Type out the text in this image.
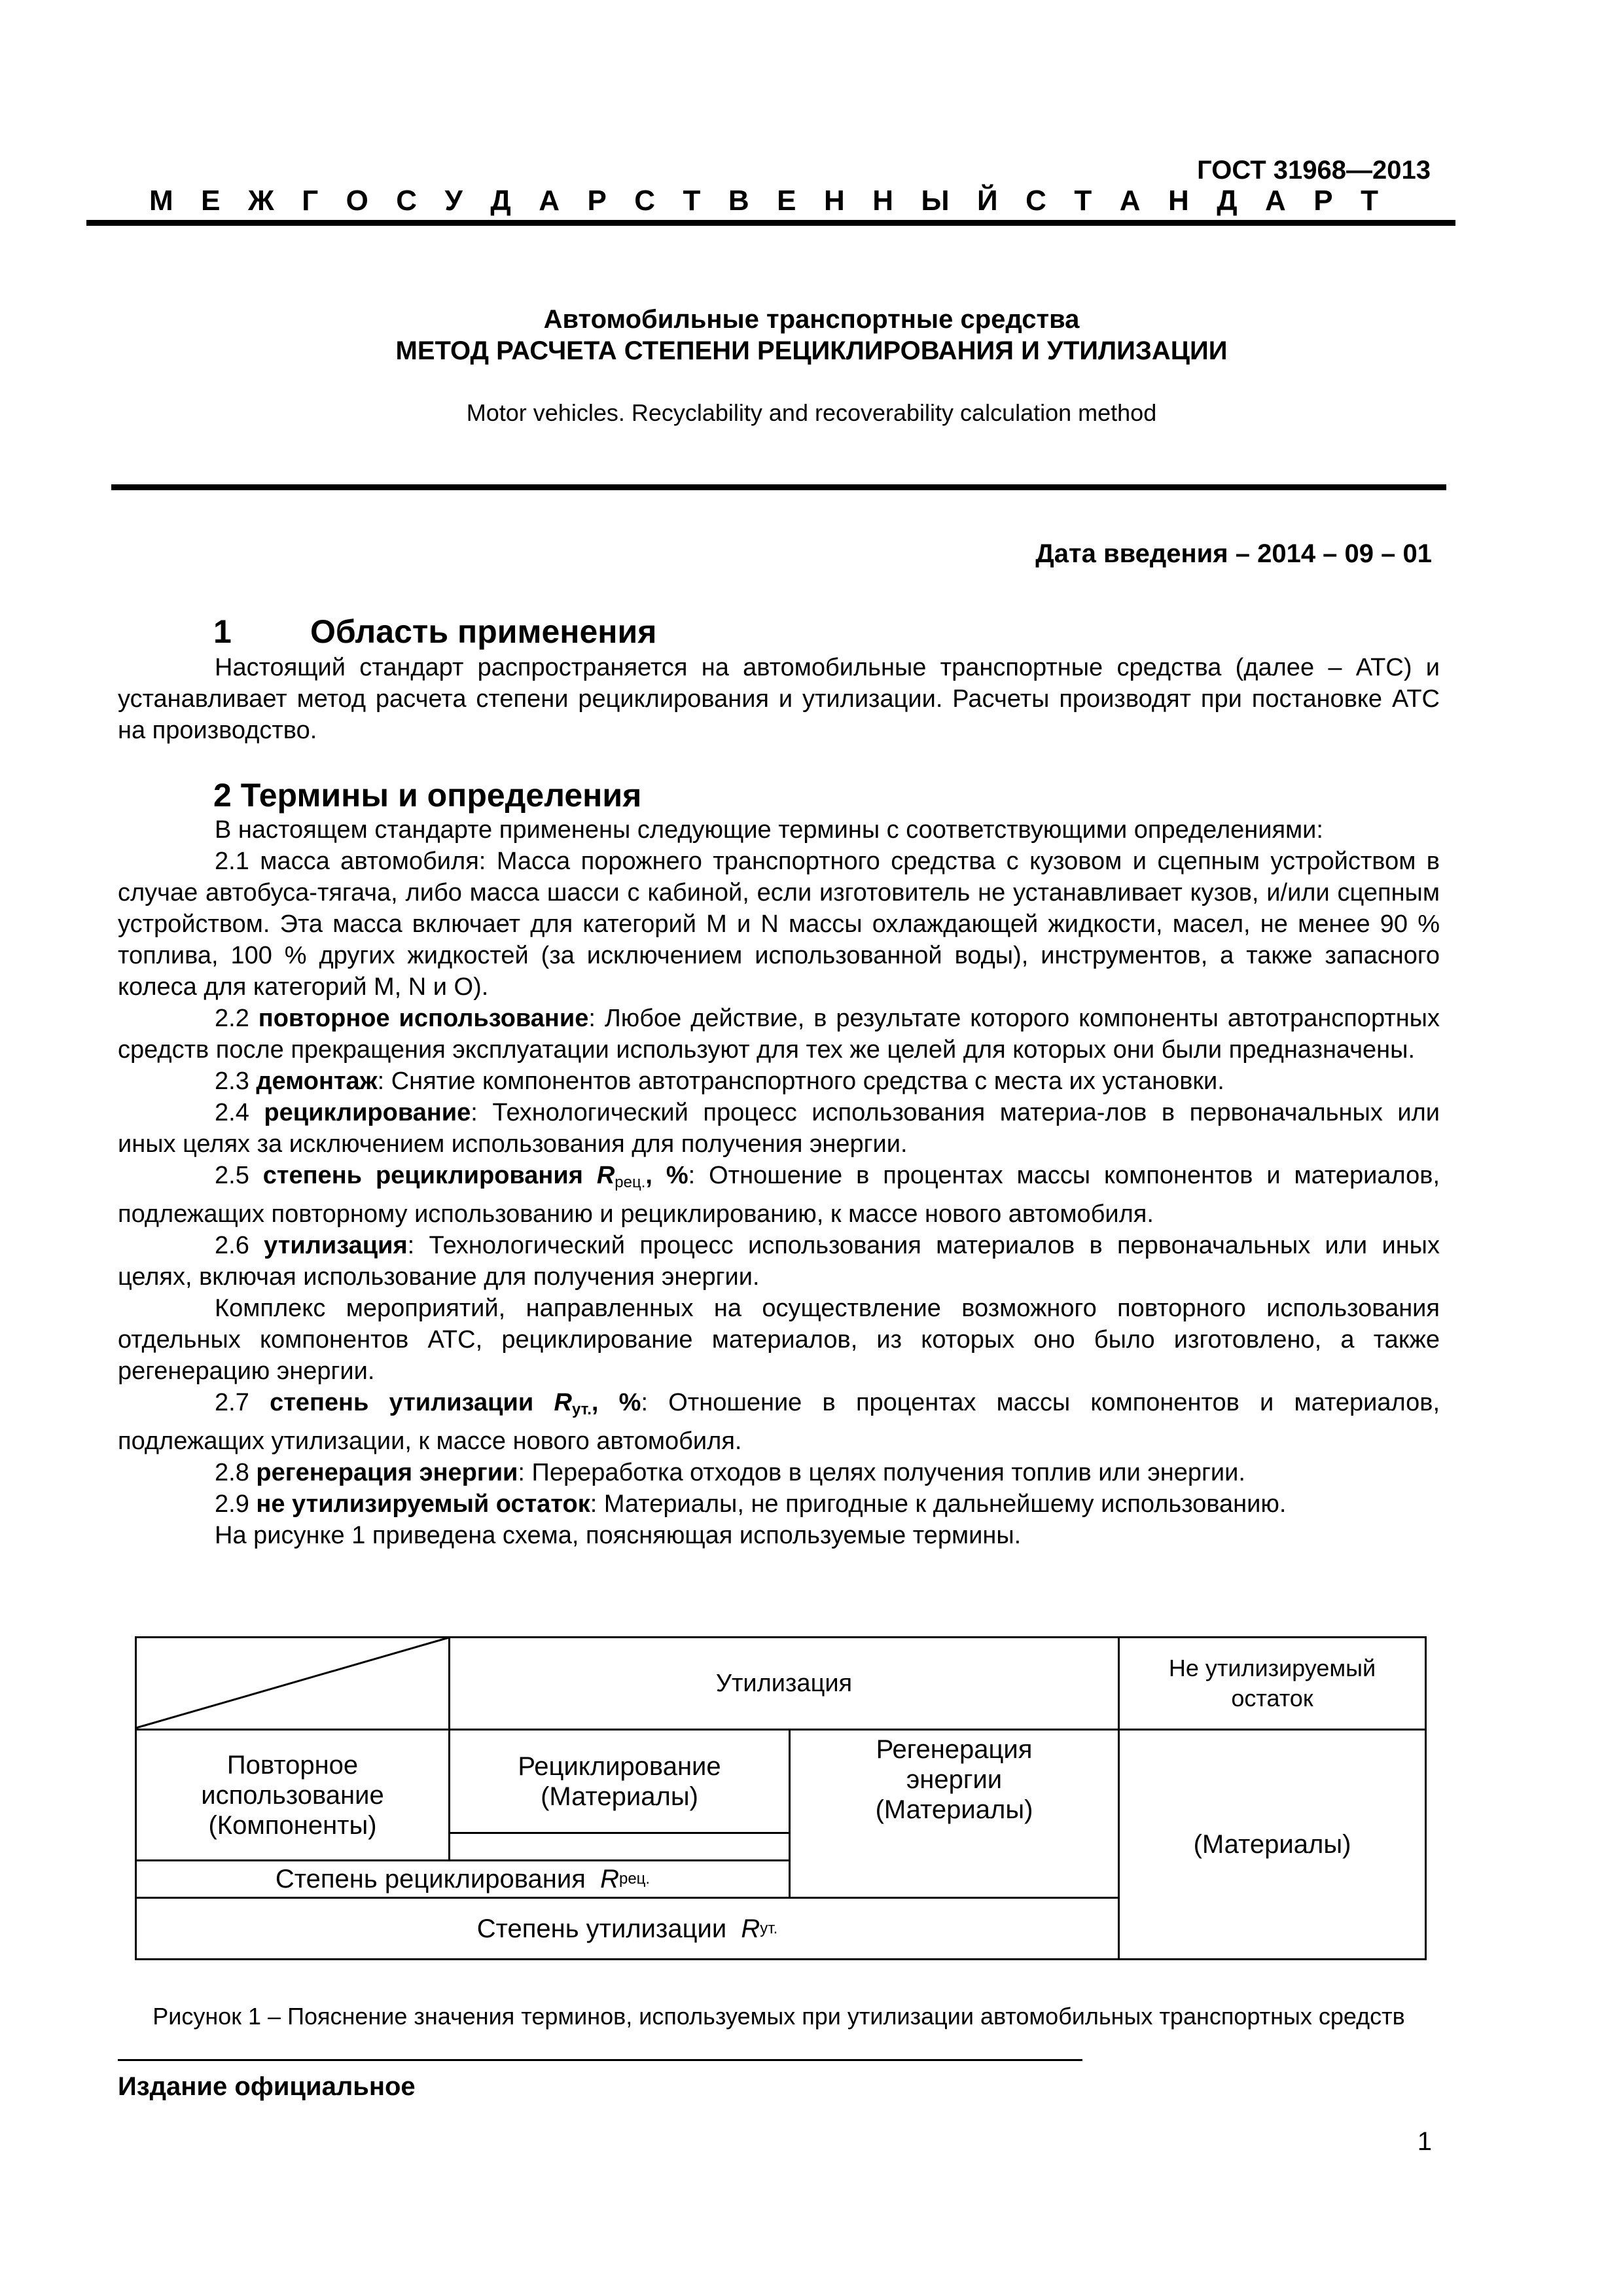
ГОСТ 31968—2013
М Е Ж Г О С У Д А Р С Т В Е Н Н Ы Й С Т А Н Д А Р Т
Автомобильные транспортные средства
МЕТОД РАСЧЕТА СТЕПЕНИ РЕЦИКЛИРОВАНИЯ И УТИЛИЗАЦИИ
Motor vehicles. Recyclability and recoverability calculation method
Дата введения – 2014 – 09 – 01
1 Область применения
Настоящий стандарт распространяется на автомобильные транспортные средства (далее – АТС) и устанавливает метод расчета степени рециклирования и утилизации. Расчеты производят при постановке АТС на производство.
2 Термины и определения
В настоящем стандарте применены следующие термины с соответствующими определениями:
2.1 масса автомобиля: Масса порожнего транспортного средства с кузовом и сцепным устройством в случае автобуса-тягача, либо масса шасси с кабиной, если изготовитель не устанавливает кузов, и/или сцепным устройством. Эта масса включает для категорий M и N массы охлаждающей жидкости, масел, не менее 90 % топлива, 100 % других жидкостей (за исключением использованной воды), инструментов, а также запасного колеса для категорий M, N и O).
2.2 повторное использование: Любое действие, в результате которого компоненты автотранспортных средств после прекращения эксплуатации используют для тех же целей для которых они были предназначены.
2.3 демонтаж: Снятие компонентов автотранспортного средства с места их установки.
2.4 рециклирование: Технологический процесс использования материа-лов в первоначальных или иных целях за исключением использования для получения энергии.
2.5 степень рециклирования $R_{рец.}$, %: Отношение в процентах массы компонентов и материалов, подлежащих повторному использованию и рециклированию, к массе нового автомобиля.
2.6 утилизация: Технологический процесс использования материалов в первоначальных или иных целях, включая использование для получения энергии.
Комплекс мероприятий, направленных на осуществление возможного повторного использования отдельных компонентов АТС, рециклирование материалов, из которых оно было изготовлено, а также регенерацию энергии.
2.7 степень утилизации $R_{ут.}$, %: Отношение в процентах массы компонентов и материалов, подлежащих утилизации, к массе нового автомобиля.
2.8 регенерация энергии: Переработка отходов в целях получения топлив или энергии.
2.9 не утилизируемый остаток: Материалы, не пригодные к дальнейшему использованию.
На рисунке 1 приведена схема, поясняющая используемые термины.
Утилизация
Не утилизируемый
остаток
Повторное
использование
(Компоненты)
Рециклирование
(Материалы)
Регенерация
энергии
(Материалы)
Степень рециклирования
R рец.
(Материалы)
Степень утилизации
R ут.
Рисунок 1 – Пояснение значения терминов, используемых при утилизации автомобильных транспортных средств
Издание официальное
1
